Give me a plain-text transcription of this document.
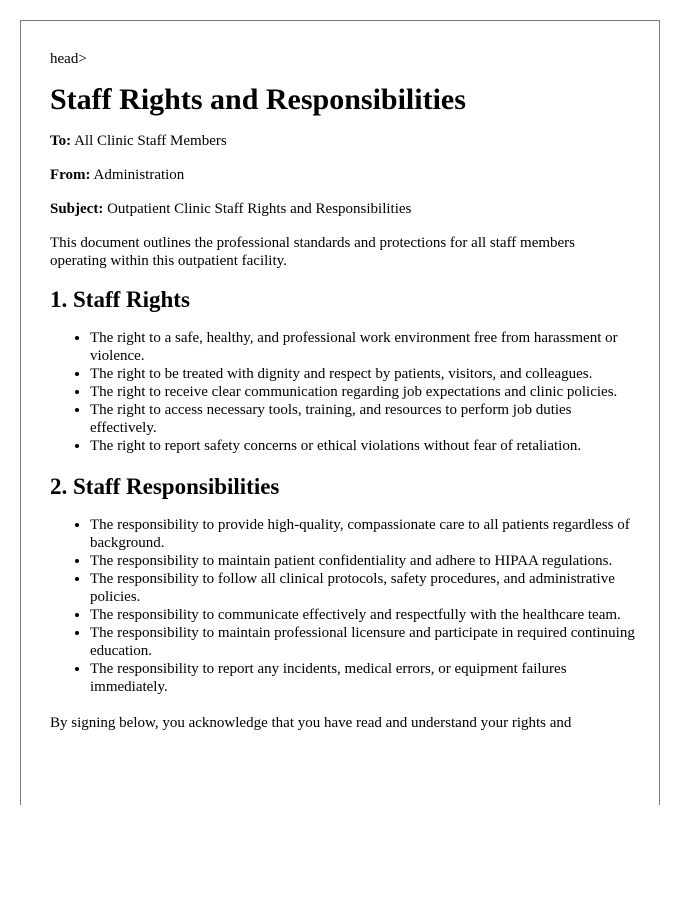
head>
Staff Rights and Responsibilities

To: All Clinic Staff Members

From: Administration

Subject: Outpatient Clinic Staff Rights and Responsibilities

This document outlines the professional standards and protections for all staff members operating within this outpatient facility.

1. Staff Rights
• The right to a safe, healthy, and professional work environment free from harassment or violence.
• The right to be treated with dignity and respect by patients, visitors, and colleagues.
• The right to receive clear communication regarding job expectations and clinic policies.
• The right to access necessary tools, training, and resources to perform job duties effectively.
• The right to report safety concerns or ethical violations without fear of retaliation.
2. Staff Responsibilities
• The responsibility to provide high-quality, compassionate care to all patients regardless of background.
• The responsibility to maintain patient confidentiality and adhere to HIPAA regulations.
• The responsibility to follow all clinical protocols, safety procedures, and administrative policies.
• The responsibility to communicate effectively and respectfully with the healthcare team.
• The responsibility to maintain professional licensure and participate in required continuing education.
• The responsibility to report any incidents, medical errors, or equipment failures immediately.

By signing below, you acknowledge that you have read and understand your rights and
